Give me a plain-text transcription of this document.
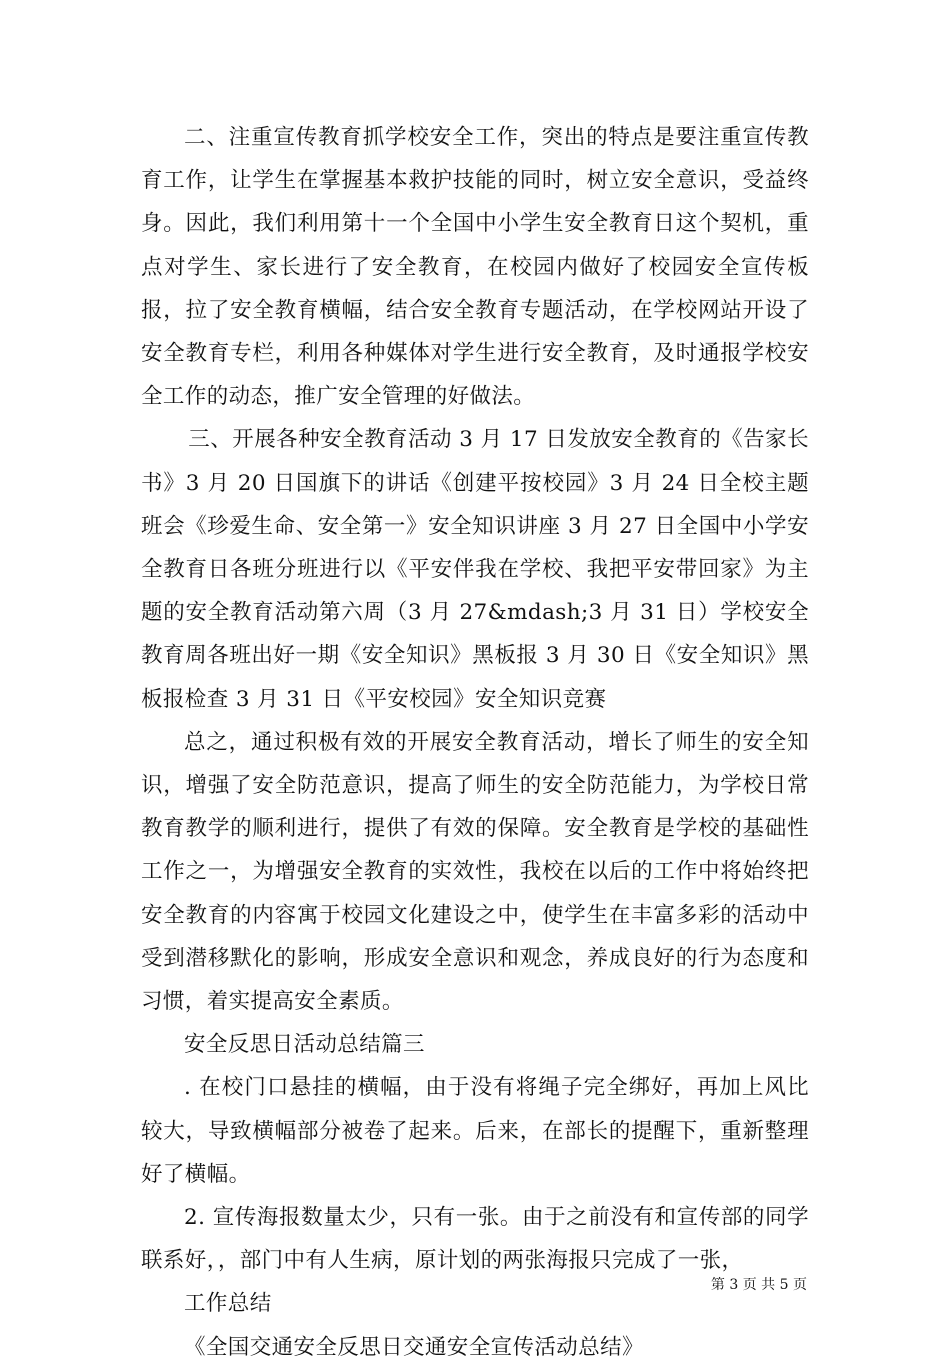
二、注重宣传教育抓学校安全工作，突出的特点是要注重宣传教育工作，让学生在掌握基本救护技能的同时，树立安全意识，受益终身。因此，我们利用第十一个全国中小学生安全教育日这个契机，重点对学生、家长进行了安全教育，在校园内做好了校园安全宣传板报，拉了安全教育横幅，结合安全教育专题活动，在学校网站开设了安全教育专栏，利用各种媒体对学生进行安全教育，及时通报学校安全工作的动态，推广安全管理的好做法。

三、开展各种安全教育活动 3 月 17 日发放安全教育的《告家长书》3 月 20 日国旗下的讲话《创建平按校园》3 月 24 日全校主题班会《珍爱生命、安全第一》安全知识讲座 3 月 27 日全国中小学安全教育日各班分班进行以《平安伴我在学校、我把平安带回家》为主题的安全教育活动第六周（3 月 27&mdash;3 月 31 日）学校安全教育周各班出好一期《安全知识》黑板报 3 月 30 日《安全知识》黑板报检查 3 月 31 日《平安校园》安全知识竞赛

总之，通过积极有效的开展安全教育活动，增长了师生的安全知识，增强了安全防范意识，提高了师生的安全防范能力，为学校日常教育教学的顺利进行，提供了有效的保障。安全教育是学校的基础性工作之一，为增强安全教育的实效性，我校在以后的工作中将始终把安全教育的内容寓于校园文化建设之中，使学生在丰富多彩的活动中受到潜移默化的影响，形成安全意识和观念，养成良好的行为态度和习惯，着实提高安全素质。

安全反思日活动总结篇三

. 在校门口悬挂的横幅，由于没有将绳子完全绑好，再加上风比较大，导致横幅部分被卷了起来。后来，在部长的提醒下，重新整理好了横幅。

2. 宣传海报数量太少，只有一张。由于之前没有和宣传部的同学联系好，，部门中有人生病，原计划的两张海报只完成了一张，

工作总结

《全国交通安全反思日交通安全宣传活动总结》

第 3 页 共 5 页
